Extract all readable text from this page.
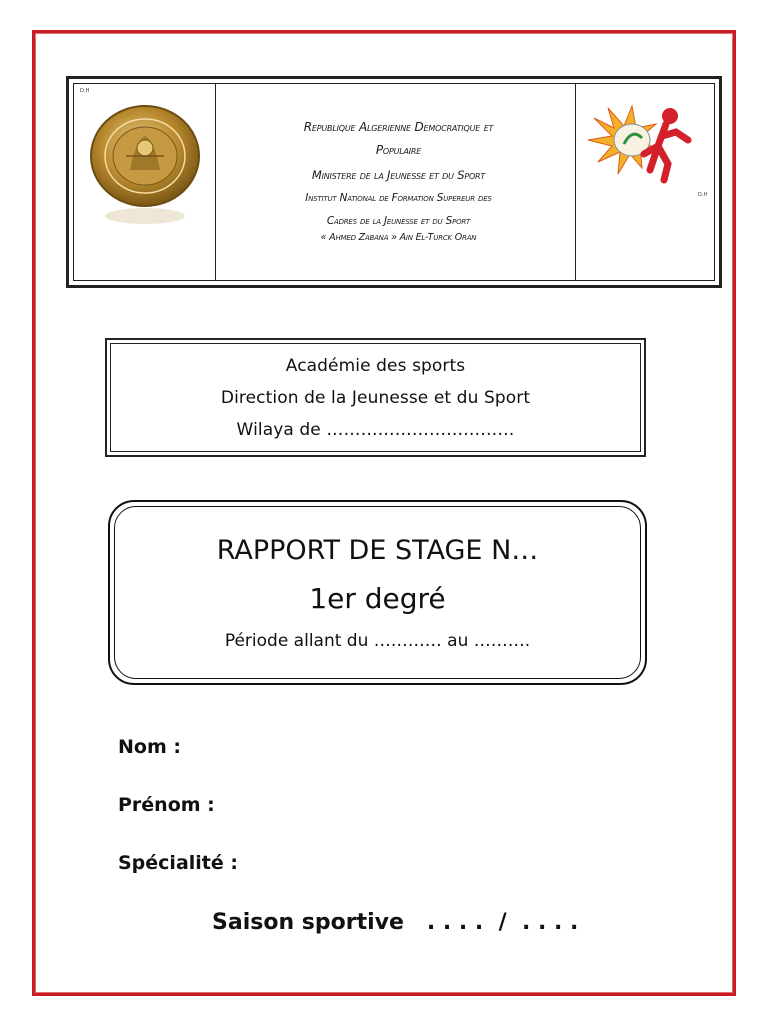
D.H
Republique Algerienne Democratique et
Populaire
Ministere de la Jeunesse et du Sport
Institut National de Formation Supereur des
Cadres de la Jeunesse et du Sport
« Ahmed Zabana » Ain El-Turck Oran
D.H
Académie des sports
Direction de la Jeunesse et du Sport
Wilaya de ……………………………
RAPPORT DE STAGE N…
1er degré
Période allant du ………… au ……….
Nom :
Prénom :
Spécialité :
Saison sportive   . . . .  /  . . . .
